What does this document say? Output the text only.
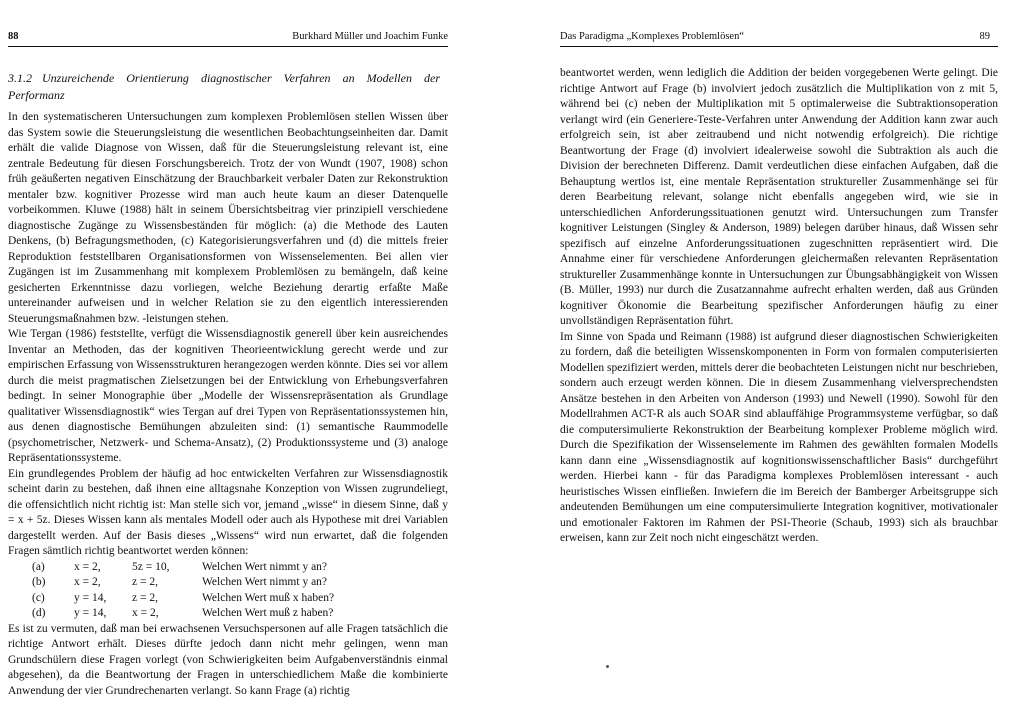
88	Burkhard Müller und Joachim Funke
3.1.2 Unzureichende Orientierung diagnostischer Verfahren an Modellen der Performanz

In den systematischeren Untersuchungen zum komplexen Problemlösen stellen Wissen über das System sowie die Steuerungsleistung die wesentlichen Beobachtungseinheiten dar. Damit erhält die valide Diagnose von Wissen, daß für die Steuerungsleistung relevant ist, eine zentrale Bedeutung für diesen Forschungsbereich. Trotz der von Wundt (1907, 1908) schon früh geäußerten negativen Einschätzung der Brauchbarkeit verbaler Daten zur Rekonstruktion mentaler bzw. kognitiver Prozesse wird man auch heute kaum an dieser Datenquelle vorbeikommen. Kluwe (1988) hält in seinem Übersichtsbeitrag vier prinzipiell verschiedene diagnostische Zugänge zu Wissensbeständen für möglich: (a) die Methode des Lauten Denkens, (b) Befragungsmethoden, (c) Kategorisierungsverfahren und (d) die mittels freier Reproduktion feststellbaren Organisationsformen von Wissenselementen. Bei allen vier Zugängen ist im Zusammenhang mit komplexem Problemlösen zu bemängeln, daß keine gesicherten Erkenntnisse dazu vorliegen, welche Beziehung derartig erfaßte Maße untereinander aufweisen und in welcher Relation sie zu den eigentlich interessierenden Steuerungsmaßnahmen bzw. -leistungen stehen.

Wie Tergan (1986) feststellte, verfügt die Wissensdiagnostik generell über kein ausreichendes Inventar an Methoden, das der kognitiven Theorieentwicklung gerecht werde und zur empirischen Erfassung von Wissensstrukturen herangezogen werden könnte. Dies sei vor allem durch die meist pragmatischen Zielsetzungen bei der Entwicklung von Erhebungsverfahren bedingt. In seiner Monographie über „Modelle der Wissensrepräsentation als Grundlage qualitativer Wissensdiagnostik“ wies Tergan auf drei Typen von Repräsentationssystemen hin, aus denen diagnostische Bemühungen abzuleiten sind: (1) semantische Raummodelle (psychometrischer, Netzwerk- und Schema-Ansatz), (2) Produktionssysteme und (3) analoge Repräsentationssysteme.

Ein grundlegendes Problem der häufig ad hoc entwickelten Verfahren zur Wissensdiagnostik scheint darin zu bestehen, daß ihnen eine alltagsnahe Konzeption von Wissen zugrundeliegt, die offensichtlich nicht richtig ist: Man stelle sich vor, jemand „wisse“ in diesem Sinne, daß y = x + 5z. Dieses Wissen kann als mentales Modell oder auch als Hypothese mit drei Variablen dargestellt werden. Auf der Basis dieses „Wissens“ wird nun erwartet, daß die folgenden Fragen sämtlich richtig beantwortet werden können:

(a)	x = 2,	5z = 10,	Welchen Wert nimmt y an?
(b)	x = 2,	z = 2,	Welchen Wert nimmt y an?
(c)	y = 14,	z = 2,	Welchen Wert muß x haben?
(d)	y = 14,	x = 2,	Welchen Wert muß z haben?

Es ist zu vermuten, daß man bei erwachsenen Versuchspersonen auf alle Fragen tatsächlich die richtige Antwort erhält. Dieses dürfte jedoch dann nicht mehr gelingen, wenn man Grundschülern diese Fragen vorlegt (von Schwierigkeiten beim Aufgabenverständnis einmal abgesehen), da die Beantwortung der Fragen in unterschiedlichem Maße die kombinierte Anwendung der vier Grundrechenarten verlangt. So kann Frage (a) richtig

Das Paradigma „Komplexes Problemlösen“	89

beantwortet werden, wenn lediglich die Addition der beiden vorgegebenen Werte gelingt. Die richtige Antwort auf Frage (b) involviert jedoch zusätzlich die Multiplikation von z mit 5, während bei (c) neben der Multiplikation mit 5 optimalerweise die Subtraktionsoperation verlangt wird (ein Generiere-Teste-Verfahren unter Anwendung der Addition kann zwar auch erfolgreich sein, ist aber zeitraubend und nicht notwendig erfolgreich). Die richtige Beantwortung der Frage (d) involviert idealerweise sowohl die Subtraktion als auch die Division der berechneten Differenz. Damit verdeutlichen diese einfachen Aufgaben, daß die Behauptung wertlos ist, eine mentale Repräsentation struktureller Zusammenhänge sei für deren Bearbeitung relevant, solange nicht ebenfalls angegeben wird, wie sie in unterschiedlichen Anforderungssituationen genutzt wird. Untersuchungen zum Transfer kognitiver Leistungen (Singley & Anderson, 1989) belegen darüber hinaus, daß Wissen sehr spezifisch auf einzelne Anforderungssituationen zugeschnitten repräsentiert wird. Die Annahme einer für verschiedene Anforderungen gleichermaßen relevanten Repräsentation struktureller Zusammenhänge konnte in Untersuchungen zur Übungsabhängigkeit von Wissen (B. Müller, 1993) nur durch die Zusatzannahme aufrecht erhalten werden, daß aus Gründen kognitiver Ökonomie die Bearbeitung spezifischer Anforderungen häufig zu einer unvollständigen Repräsentation führt.

Im Sinne von Spada und Reimann (1988) ist aufgrund dieser diagnostischen Schwierigkeiten zu fordern, daß die beteiligten Wissenskomponenten in Form von formalen computerisierten Modellen spezifiziert werden, mittels derer die beobachteten Leistungen nicht nur beschrieben, sondern auch erzeugt werden können. Die in diesem Zusammenhang vielversprechendsten Ansätze bestehen in den Arbeiten von Anderson (1993) und Newell (1990). Sowohl für den Modellrahmen ACT-R als auch SOAR sind ablauffähige Programmsysteme verfügbar, so daß die computersimulierte Rekonstruktion der Bearbeitung komplexer Probleme möglich wird. Durch die Spezifikation der Wissenselemente im Rahmen des gewählten formalen Modells kann dann eine „Wissensdiagnostik auf kognitionswissenschaftlicher Basis“ durchgeführt werden. Hierbei kann - für das Paradigma komplexes Problemlösen interessant - auch heuristisches Wissen einfließen. Inwiefern die im Bereich der Bamberger Arbeitsgruppe sich andeutenden Bemühungen um eine computersimulierte Integration kognitiver, motivationaler und emotionaler Faktoren im Rahmen der PSI-Theorie (Schaub, 1993) sich als brauchbar erweisen, kann zur Zeit noch nicht eingeschätzt werden.
